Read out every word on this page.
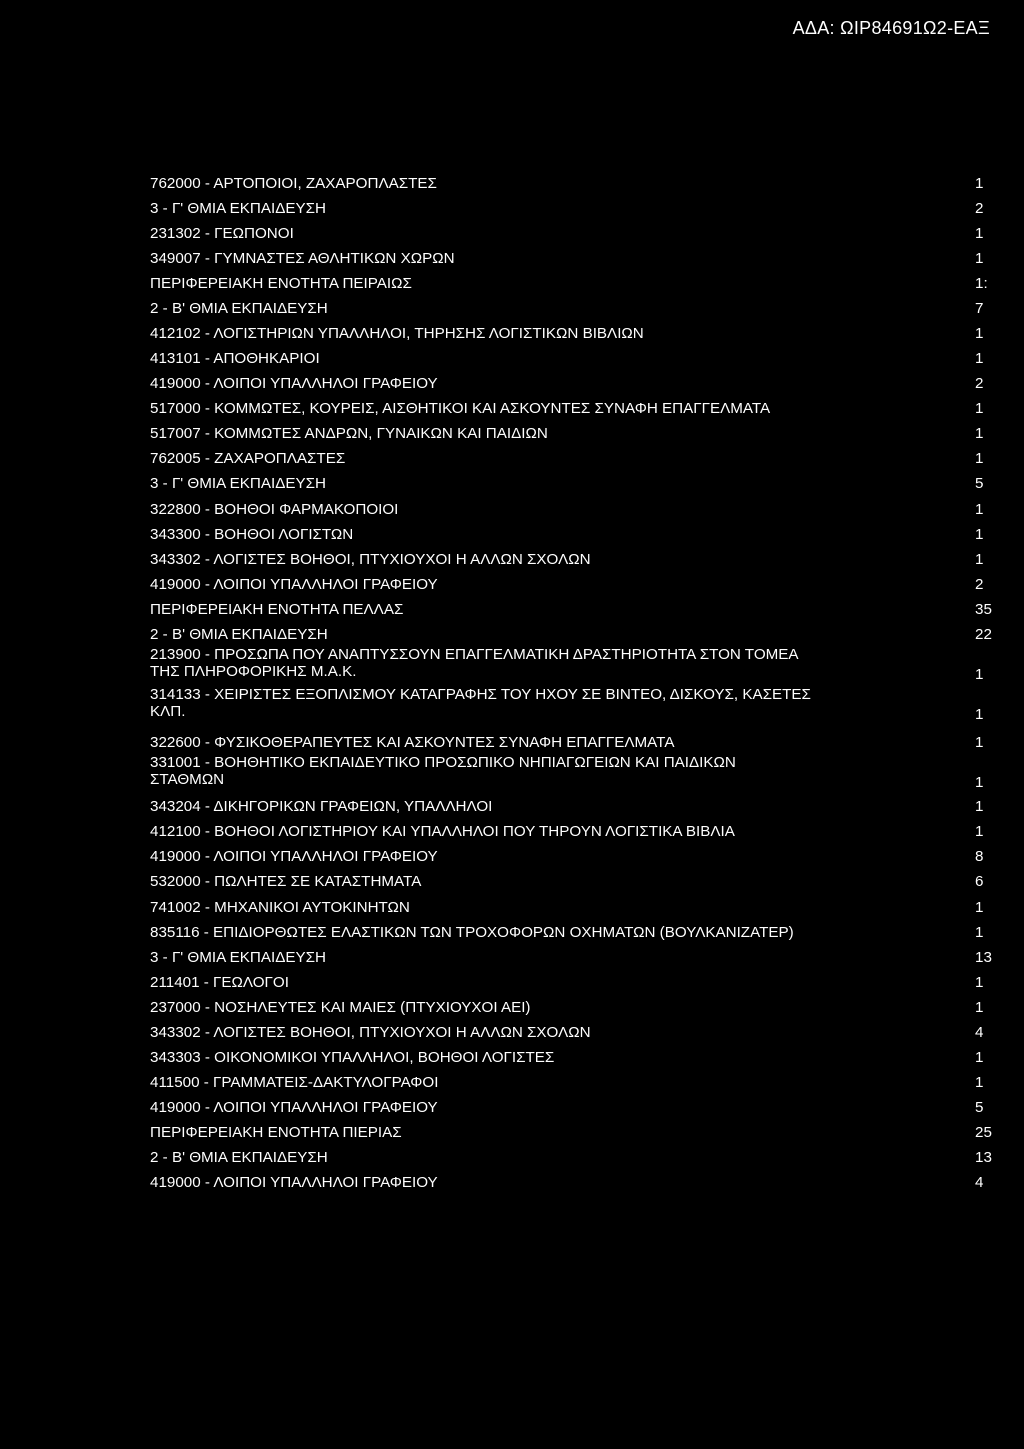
ΑΔΑ: ΩΙΡ84691Ω2-ΕΑΞ
762000 - ΑΡΤΟΠΟΙΟΙ, ΖΑΧΑΡΟΠΛΑΣΤΕΣ	1
3 - Γ' ΘΜΙΑ ΕΚΠΑΙΔΕΥΣΗ	2
231302 - ΓΕΩΠΟΝΟΙ	1
349007 - ΓΥΜΝΑΣΤΕΣ ΑΘΛΗΤΙΚΩΝ ΧΩΡΩΝ	1
ΠΕΡΙΦΕΡΕΙΑΚΗ ΕΝΟΤΗΤΑ ΠΕΙΡΑΙΩΣ	1:
2 - Β' ΘΜΙΑ ΕΚΠΑΙΔΕΥΣΗ	7
412102 - ΛΟΓΙΣΤΗΡΙΩΝ ΥΠΑΛΛΗΛΟΙ, ΤΗΡΗΣΗΣ ΛΟΓΙΣΤΙΚΩΝ ΒΙΒΛΙΩΝ	1
413101 - ΑΠΟΘΗΚΑΡΙΟΙ	1
419000 - ΛΟΙΠΟΙ ΥΠΑΛΛΗΛΟΙ ΓΡΑΦΕΙΟΥ	2
517000 - ΚΟΜΜΩΤΕΣ, ΚΟΥΡΕΙΣ, ΑΙΣΘΗΤΙΚΟΙ ΚΑΙ ΑΣΚΟΥΝΤΕΣ ΣΥΝΑΦΗ ΕΠΑΓΓΕΛΜΑΤΑ	1
517007 - ΚΟΜΜΩΤΕΣ ΑΝΔΡΩΝ, ΓΥΝΑΙΚΩΝ ΚΑΙ ΠΑΙΔΙΩΝ	1
762005 - ΖΑΧΑΡΟΠΛΑΣΤΕΣ	1
3 - Γ' ΘΜΙΑ ΕΚΠΑΙΔΕΥΣΗ	5
322800 - ΒΟΗΘΟΙ ΦΑΡΜΑΚΟΠΟΙΟΙ	1
343300 - ΒΟΗΘΟΙ ΛΟΓΙΣΤΩΝ	1
343302 - ΛΟΓΙΣΤΕΣ ΒΟΗΘΟΙ, ΠΤΥΧΙΟΥΧΟΙ Η ΑΛΛΩΝ ΣΧΟΛΩΝ	1
419000 - ΛΟΙΠΟΙ ΥΠΑΛΛΗΛΟΙ ΓΡΑΦΕΙΟΥ	2
ΠΕΡΙΦΕΡΕΙΑΚΗ ΕΝΟΤΗΤΑ ΠΕΛΛΑΣ	35
2 - Β' ΘΜΙΑ ΕΚΠΑΙΔΕΥΣΗ	22
213900 - ΠΡΟΣΩΠΑ ΠΟΥ ΑΝΑΠΤΥΣΣΟΥΝ ΕΠΑΓΓΕΛΜΑΤΙΚΗ ΔΡΑΣΤΗΡΙΟΤΗΤΑ ΣΤΟΝ ΤΟΜΕΑ
ΤΗΣ ΠΛΗΡΟΦΟΡΙΚΗΣ Μ.Α.Κ.	1
314133 - ΧΕΙΡΙΣΤΕΣ ΕΞΟΠΛΙΣΜΟΥ ΚΑΤΑΓΡΑΦΗΣ ΤΟΥ ΗΧΟΥ ΣΕ ΒΙΝΤΕΟ, ΔΙΣΚΟΥΣ, ΚΑΣΕΤΕΣ
ΚΛΠ.	1
322600 - ΦΥΣΙΚΟΘΕΡΑΠΕΥΤΕΣ ΚΑΙ ΑΣΚΟΥΝΤΕΣ ΣΥΝΑΦΗ ΕΠΑΓΓΕΛΜΑΤΑ	1
331001 - ΒΟΗΘΗΤΙΚΟ ΕΚΠΑΙΔΕΥΤΙΚΟ ΠΡΟΣΩΠΙΚΟ ΝΗΠΙΑΓΩΓΕΙΩΝ ΚΑΙ ΠΑΙΔΙΚΩΝ
ΣΤΑΘΜΩΝ	1
343204 - ΔΙΚΗΓΟΡΙΚΩΝ ΓΡΑΦΕΙΩΝ, ΥΠΑΛΛΗΛΟΙ	1
412100 - ΒΟΗΘΟΙ ΛΟΓΙΣΤΗΡΙΟΥ ΚΑΙ ΥΠΑΛΛΗΛΟΙ ΠΟΥ ΤΗΡΟΥΝ ΛΟΓΙΣΤΙΚΑ ΒΙΒΛΙΑ	1
419000 - ΛΟΙΠΟΙ ΥΠΑΛΛΗΛΟΙ ΓΡΑΦΕΙΟΥ	8
532000 - ΠΩΛΗΤΕΣ ΣΕ ΚΑΤΑΣΤΗΜΑΤΑ	6
741002 - ΜΗΧΑΝΙΚΟΙ ΑΥΤΟΚΙΝΗΤΩΝ	1
835116 - ΕΠΙΔΙΟΡΘΩΤΕΣ ΕΛΑΣΤΙΚΩΝ ΤΩΝ ΤΡΟΧΟΦΟΡΩΝ ΟΧΗΜΑΤΩΝ (ΒΟΥΛΚΑΝΙΖΑΤΕΡ)	1
3 - Γ' ΘΜΙΑ ΕΚΠΑΙΔΕΥΣΗ	13
211401 - ΓΕΩΛΟΓΟΙ	1
237000 - ΝΟΣΗΛΕΥΤΕΣ ΚΑΙ ΜΑΙΕΣ (ΠΤΥΧΙΟΥΧΟΙ ΑΕΙ)	1
343302 - ΛΟΓΙΣΤΕΣ ΒΟΗΘΟΙ, ΠΤΥΧΙΟΥΧΟΙ Η ΑΛΛΩΝ ΣΧΟΛΩΝ	4
343303 - ΟΙΚΟΝΟΜΙΚΟΙ ΥΠΑΛΛΗΛΟΙ, ΒΟΗΘΟΙ ΛΟΓΙΣΤΕΣ	1
411500 - ΓΡΑΜΜΑΤΕΙΣ-ΔΑΚΤΥΛΟΓΡΑΦΟΙ	1
419000 - ΛΟΙΠΟΙ ΥΠΑΛΛΗΛΟΙ ΓΡΑΦΕΙΟΥ	5
ΠΕΡΙΦΕΡΕΙΑΚΗ ΕΝΟΤΗΤΑ ΠΙΕΡΙΑΣ	25
2 - Β' ΘΜΙΑ ΕΚΠΑΙΔΕΥΣΗ	13
419000 - ΛΟΙΠΟΙ ΥΠΑΛΛΗΛΟΙ ΓΡΑΦΕΙΟΥ	4
